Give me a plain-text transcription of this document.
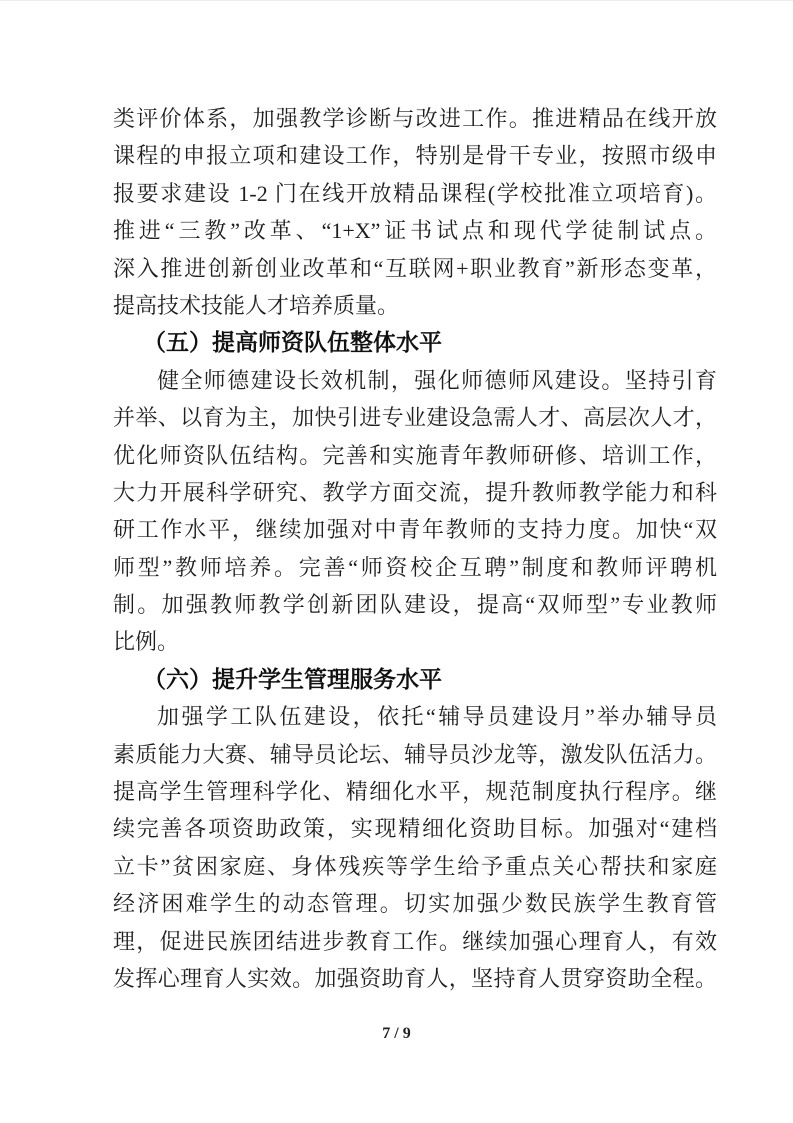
类评价体系，加强教学诊断与改进工作。推进精品在线开放
课程的申报立项和建设工作，特别是骨干专业，按照市级申
报要求建设 1-2 门在线开放精品课程(学校批准立项培育)。
推进“三教”改革、“1+X”证书试点和现代学徒制试点。
深入推进创新创业改革和“互联网+职业教育”新形态变革，
提高技术技能人才培养质量。
（五）提高师资队伍整体水平
健全师德建设长效机制，强化师德师风建设。坚持引育
并举、以育为主，加快引进专业建设急需人才、高层次人才，
优化师资队伍结构。完善和实施青年教师研修、培训工作，
大力开展科学研究、教学方面交流，提升教师教学能力和科
研工作水平，继续加强对中青年教师的支持力度。加快“双
师型”教师培养。完善“师资校企互聘”制度和教师评聘机
制。加强教师教学创新团队建设，提高“双师型”专业教师
比例。
（六）提升学生管理服务水平
加强学工队伍建设，依托“辅导员建设月”举办辅导员
素质能力大赛、辅导员论坛、辅导员沙龙等，激发队伍活力。
提高学生管理科学化、精细化水平，规范制度执行程序。继
续完善各项资助政策，实现精细化资助目标。加强对“建档
立卡”贫困家庭、身体残疾等学生给予重点关心帮扶和家庭
经济困难学生的动态管理。切实加强少数民族学生教育管
理，促进民族团结进步教育工作。继续加强心理育人，有效
发挥心理育人实效。加强资助育人，坚持育人贯穿资助全程。
7 / 9
